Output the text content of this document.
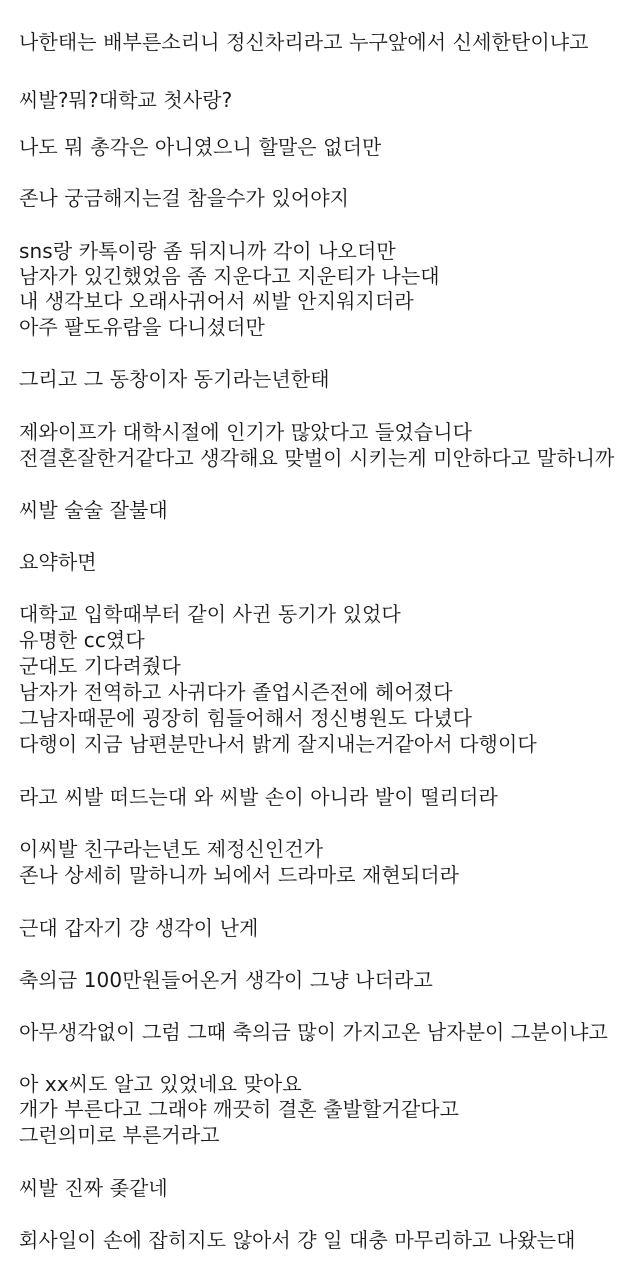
나한태는 배부른소리니 정신차리라고 누구앞에서 신세한탄이냐고
씨발?뭐?대학교 첫사랑?
나도 뭐 총각은 아니였으니 할말은 없더만
존나 궁금해지는걸 참을수가 있어야지
sns랑 카톡이랑 좀 뒤지니까 각이 나오더만
남자가 있긴했었음 좀 지운다고 지운티가 나는대
내 생각보다 오래사귀어서 씨발 안지워지더라
아주 팔도유람을 다니셨더만
그리고 그 동창이자 동기라는년한태
제와이프가 대학시절에 인기가 많았다고 들었습니다
전결혼잘한거같다고 생각해요 맞벌이 시키는게 미안하다고 말하니까
씨발 술술 잘불대
요약하면
대학교 입학때부터 같이 사귄 동기가 있었다
유명한 cc였다
군대도 기다려줬다
남자가 전역하고 사귀다가 졸업시즌전에 헤어졌다
그남자때문에 굉장히 힘들어해서 정신병원도 다녔다
다행이 지금 남편분만나서 밝게 잘지내는거같아서 다행이다
라고 씨발 떠드는대 와 씨발 손이 아니라 발이 떨리더라
이씨발 친구라는년도 제정신인건가
존나 상세히 말하니까 뇌에서 드라마로 재현되더라
근대 갑자기 걍 생각이 난게
축의금 100만원들어온거 생각이 그냥 나더라고
아무생각없이 그럼 그때 축의금 많이 가지고온 남자분이 그분이냐고
아 xx씨도 알고 있었네요 맞아요
개가 부른다고 그래야 깨끗히 결혼 출발할거같다고
그런의미로 부른거라고
씨발 진짜 좆같네
회사일이 손에 잡히지도 않아서 걍 일 대충 마무리하고 나왔는대
